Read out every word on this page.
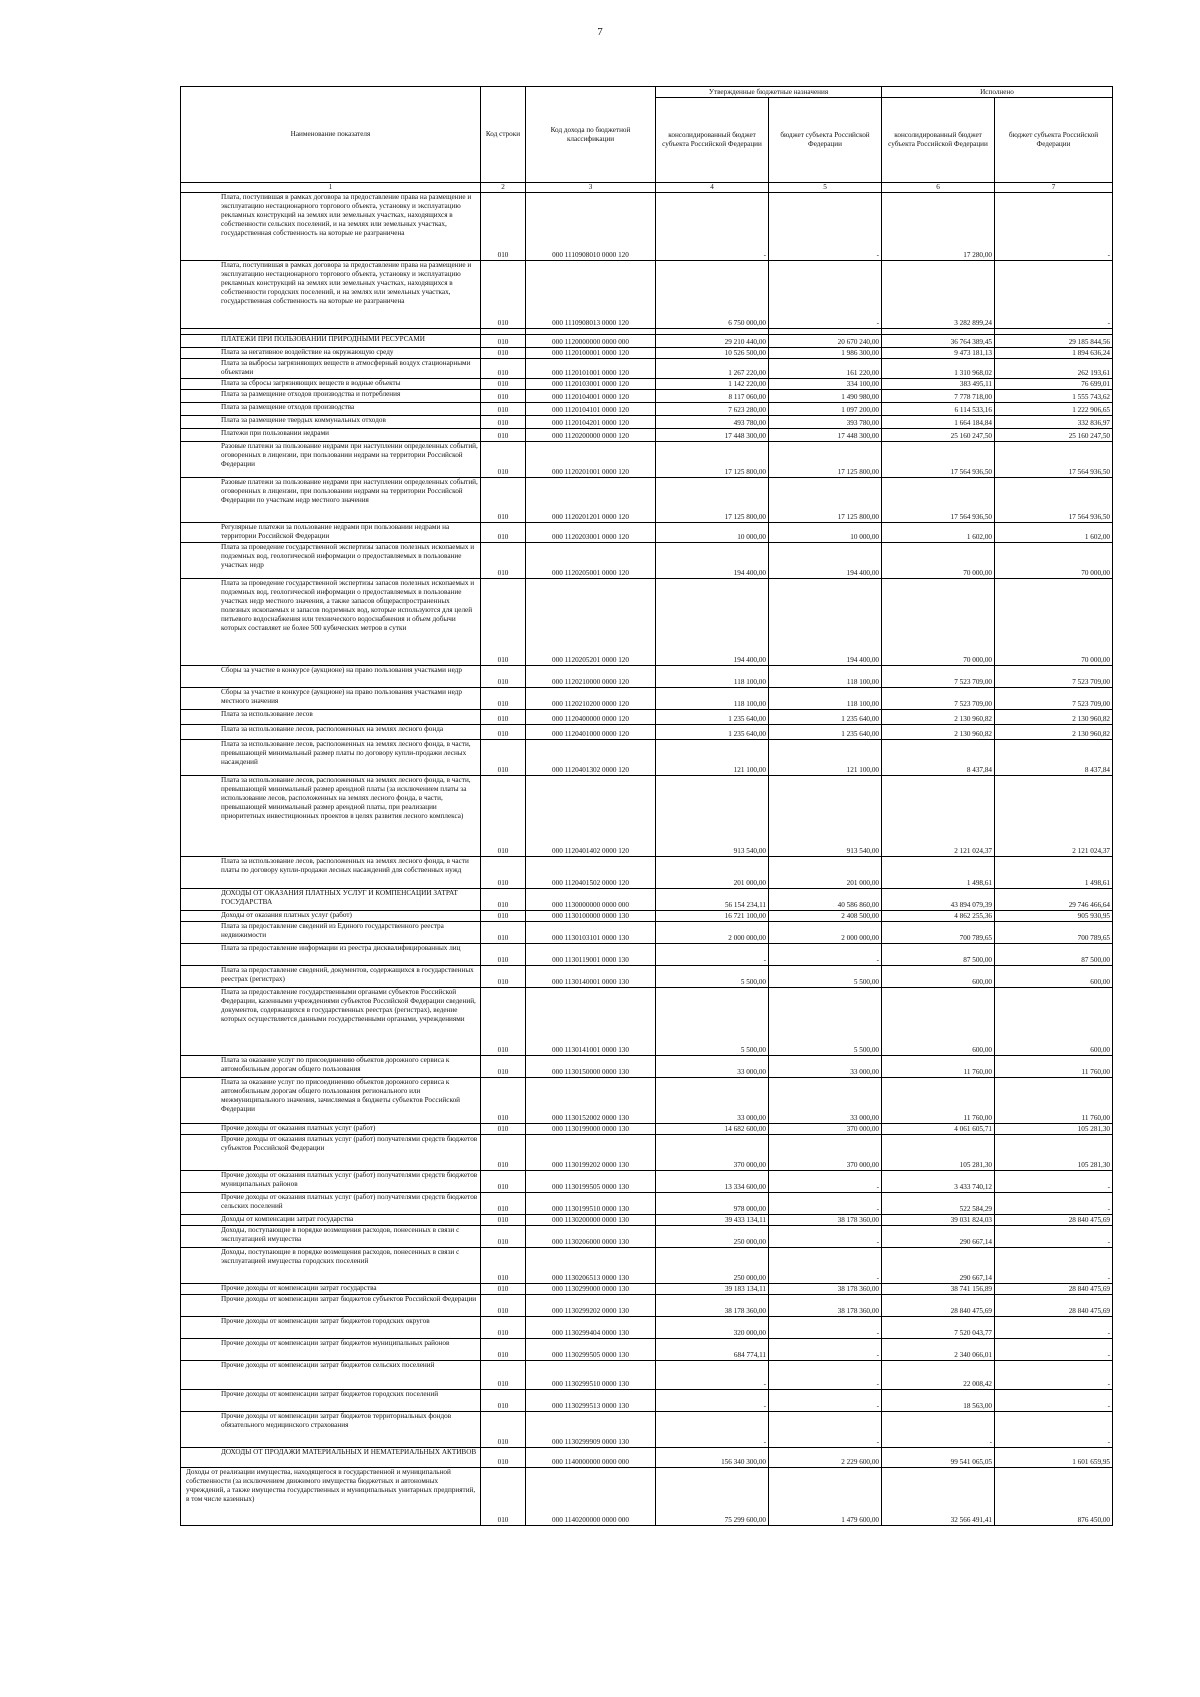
7
Наименование показателя	Код строки	Код дохода по бюджетной классификации	Утвержденные бюджетные назначения		Исполнено	
			консолидированный бюджет субъекта Российской Федерации	бюджет субъекта Российской Федерации	консолидированный бюджет субъекта Российской Федерации	бюджет субъекта Российской Федерации
1	2	3	4	5	6	7

Плата, поступившая в рамках договора за предоставление права на размещение и эксплуатацию нестационарного торгового объекта, установку и эксплуатацию рекламных конструкций на землях или земельных участках, находящихся в собственности сельских поселений, и на землях или земельных участках, государственная собственность на которые не разграничена	010	000 1110908010 0000 120	-	-	17 280,00	-

Плата, поступившая в рамках договора за предоставление права на размещение и эксплуатацию нестационарного торгового объекта, установку и эксплуатацию рекламных конструкций на землях или земельных участках, находящихся в собственности городских поселений, и на землях или земельных участках, государственная собственность на которые не разграничена	010	000 1110908013 0000 120	6 750 000,00	-	3 282 899,24	-

ПЛАТЕЖИ ПРИ ПОЛЬЗОВАНИИ ПРИРОДНЫМИ РЕСУРСАМИ	010	000 1120000000 0000 000	29 210 440,00	20 670 240,00	36 764 389,45	29 185 844,56

Плата за негативное воздействие на окружающую среду	010	000 1120100001 0000 120	10 526 500,00	1 986 300,00	9 473 181,13	1 894 636,24

Плата за выбросы загрязняющих веществ в атмосферный воздух стационарными объектами	010	000 1120101001 0000 120	1 267 220,00	161 220,00	1 310 968,02	262 193,61

Плата за сбросы загрязняющих веществ в водные объекты	010	000 1120103001 0000 120	1 142 220,00	334 100,00	383 495,11	76 699,01

Плата за размещение отходов производства и потребления	010	000 1120104001 0000 120	8 117 060,00	1 490 980,00	7 778 718,00	1 555 743,62

Плата за размещение отходов производства	010	000 1120104101 0000 120	7 623 280,00	1 097 200,00	6 114 533,16	1 222 906,65

Плата за размещение твердых коммунальных отходов	010	000 1120104201 0000 120	493 780,00	393 780,00	1 664 184,84	332 836,97

Платежи при пользовании недрами	010	000 1120200000 0000 120	17 448 300,00	17 448 300,00	25 160 247,50	25 160 247,50

Разовые платежи за пользование недрами при наступлении определенных событий, оговоренных в лицензии, при пользовании недрами на территории Российской Федерации	010	000 1120201001 0000 120	17 125 800,00	17 125 800,00	17 564 936,50	17 564 936,50

Разовые платежи за пользование недрами при наступлении определенных событий, оговоренных в лицензии, при пользовании недрами на территории Российской Федерации по участкам недр местного значения	010	000 1120201201 0000 120	17 125 800,00	17 125 800,00	17 564 936,50	17 564 936,50

Регулярные платежи за пользование недрами при пользовании недрами на территории Российской Федерации	010	000 1120203001 0000 120	10 000,00	10 000,00	1 602,00	1 602,00

Плата за проведение государственной экспертизы запасов полезных ископаемых и подземных вод, геологической информации о предоставляемых в пользование участках недр	010	000 1120205001 0000 120	194 400,00	194 400,00	70 000,00	70 000,00

Плата за проведение государственной экспертизы запасов полезных ископаемых и подземных вод, геологической информации о предоставляемых в пользование участках недр местного значения, а также запасов общераспространенных полезных ископаемых и запасов подземных вод, которые используются для целей питьевого водоснабжения или технического водоснабжения и объем добычи которых составляет не более 500 кубических метров в сутки	010	000 1120205201 0000 120	194 400,00	194 400,00	70 000,00	70 000,00

Сборы за участие в конкурсе (аукционе) на право пользования участками недр	010	000 1120210000 0000 120	118 100,00	118 100,00	7 523 709,00	7 523 709,00

Сборы за участие в конкурсе (аукционе) на право пользования участками недр местного значения	010	000 1120210200 0000 120	118 100,00	118 100,00	7 523 709,00	7 523 709,00

Плата за использование лесов	010	000 1120400000 0000 120	1 235 640,00	1 235 640,00	2 130 960,82	2 130 960,82

Плата за использование лесов, расположенных на землях лесного фонда	010	000 1120401000 0000 120	1 235 640,00	1 235 640,00	2 130 960,82	2 130 960,82

Плата за использование лесов, расположенных на землях лесного фонда, в части, превышающей минимальный размер платы по договору купли-продажи лесных насаждений	010	000 1120401302 0000 120	121 100,00	121 100,00	8 437,84	8 437,84

Плата за использование лесов, расположенных на землях лесного фонда, в части, превышающей минимальный размер арендной платы (за исключением платы за использование лесов, расположенных на землях лесного фонда, в части, превышающей минимальный размер арендной платы, при реализации приоритетных инвестиционных проектов в целях развития лесного комплекса)	010	000 1120401402 0000 120	913 540,00	913 540,00	2 121 024,37	2 121 024,37

Плата за использование лесов, расположенных на землях лесного фонда, в части платы по договору купли-продажи лесных насаждений для собственных нужд	010	000 1120401502 0000 120	201 000,00	201 000,00	1 498,61	1 498,61

ДОХОДЫ ОТ ОКАЗАНИЯ ПЛАТНЫХ УСЛУГ И КОМПЕНСАЦИИ ЗАТРАТ ГОСУДАРСТВА	010	000 1130000000 0000 000	56 154 234,11	40 586 860,00	43 894 079,39	29 746 466,64

Доходы от оказания платных услуг (работ)	010	000 1130100000 0000 130	16 721 100,00	2 408 500,00	4 862 255,36	905 930,95

Плата за предоставление сведений из Единого государственного реестра недвижимости	010	000 1130103101 0000 130	2 000 000,00	2 000 000,00	700 789,65	700 789,65

Плата за предоставление информации из реестра дисквалифицированных лиц	010	000 1130119001 0000 130	-	-	87 500,00	87 500,00

Плата за предоставление сведений, документов, содержащихся в государственных реестрах (регистрах)	010	000 1130140001 0000 130	5 500,00	5 500,00	600,00	600,00

Плата за предоставление государственными органами субъектов Российской Федерации, казенными учреждениями субъектов Российской Федерации сведений, документов, содержащихся в государственных реестрах (регистрах), ведение которых осуществляется данными государственными органами, учреждениями	010	000 1130141001 0000 130	5 500,00	5 500,00	600,00	600,00

Плата за оказание услуг по присоединению объектов дорожного сервиса к автомобильным дорогам общего пользования	010	000 1130150000 0000 130	33 000,00	33 000,00	11 760,00	11 760,00

Плата за оказание услуг по присоединению объектов дорожного сервиса к автомобильным дорогам общего пользования регионального или межмуниципального значения, зачисляемая в бюджеты субъектов Российской Федерации	010	000 1130152002 0000 130	33 000,00	33 000,00	11 760,00	11 760,00

Прочие доходы от оказания платных услуг (работ)	010	000 1130199000 0000 130	14 682 600,00	370 000,00	4 061 605,71	105 281,30

Прочие доходы от оказания платных услуг (работ) получателями средств бюджетов субъектов Российской Федерации	010	000 1130199202 0000 130	370 000,00	370 000,00	105 281,30	105 281,30

Прочие доходы от оказания платных услуг (работ) получателями средств бюджетов муниципальных районов	010	000 1130199505 0000 130	13 334 600,00	-	3 433 740,12	-

Прочие доходы от оказания платных услуг (работ) получателями средств бюджетов сельских поселений	010	000 1130199510 0000 130	978 000,00	-	522 584,29	-

Доходы от компенсации затрат государства	010	000 1130200000 0000 130	39 433 134,11	38 178 360,00	39 031 824,03	28 840 475,69

Доходы, поступающие в порядке возмещения расходов, понесенных в связи с эксплуатацией имущества	010	000 1130206000 0000 130	250 000,00	-	290 667,14	-

Доходы, поступающие в порядке возмещения расходов, понесенных в связи с эксплуатацией имущества городских поселений	010	000 1130206513 0000 130	250 000,00	-	290 667,14	-

Прочие доходы от компенсации затрат государства	010	000 1130299000 0000 130	39 183 134,11	38 178 360,00	38 741 156,89	28 840 475,69

Прочие доходы от компенсации затрат бюджетов субъектов Российской Федерации	010	000 1130299202 0000 130	38 178 360,00	38 178 360,00	28 840 475,69	28 840 475,69

Прочие доходы от компенсации затрат бюджетов городских округов	010	000 1130299404 0000 130	320 000,00	-	7 520 043,77	-

Прочие доходы от компенсации затрат бюджетов муниципальных районов	010	000 1130299505 0000 130	684 774,11	-	2 340 066,01	-

Прочие доходы от компенсации затрат бюджетов сельских поселений	010	000 1130299510 0000 130	-	-	22 008,42	-

Прочие доходы от компенсации затрат бюджетов городских поселений	010	000 1130299513 0000 130	-	-	18 563,00	-

Прочие доходы от компенсации затрат бюджетов территориальных фондов обязательного медицинского страхования	010	000 1130299909 0000 130	-	-	-	-

ДОХОДЫ ОТ ПРОДАЖИ МАТЕРИАЛЬНЫХ И НЕМАТЕРИАЛЬНЫХ АКТИВОВ	010	000 1140000000 0000 000	156 340 300,00	2 229 600,00	99 541 065,05	1 601 659,95

Доходы от реализации имущества, находящегося в государственной и муниципальной собственности (за исключением движимого имущества бюджетных и автономных учреждений, а также имущества государственных и муниципальных унитарных предприятий, в том числе казенных)	010	000 1140200000 0000 000	75 299 600,00	1 479 600,00	32 566 491,41	876 450,00
